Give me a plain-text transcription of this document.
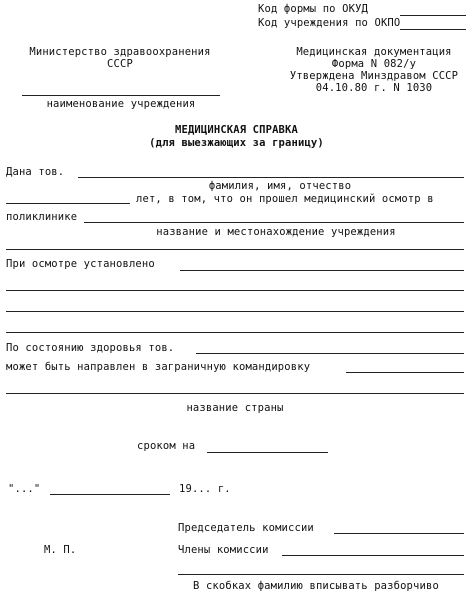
Код формы по ОКУД
Код учреждения по ОКПО
Министерство здравоохранения
СССР
наименование учреждения
Медицинская документация
Форма N 082/у
Утверждена Минздравом СССР
04.10.80 г. N 1030
МЕДИЦИНСКАЯ СПРАВКА
(для выезжающих за границу)
Дана тов.
фамилия, имя, отчество
лет, в том, что он прошел медицинский осмотр в
поликлинике
название и местонахождение учреждения
При осмотре установлено
По состоянию здоровья тов.
может быть направлен в заграничную командировку
название страны
сроком на
"..."	19... г.
Председатель комиссии
М. П.	Члены комиссии
В скобках фамилию вписывать разборчиво
